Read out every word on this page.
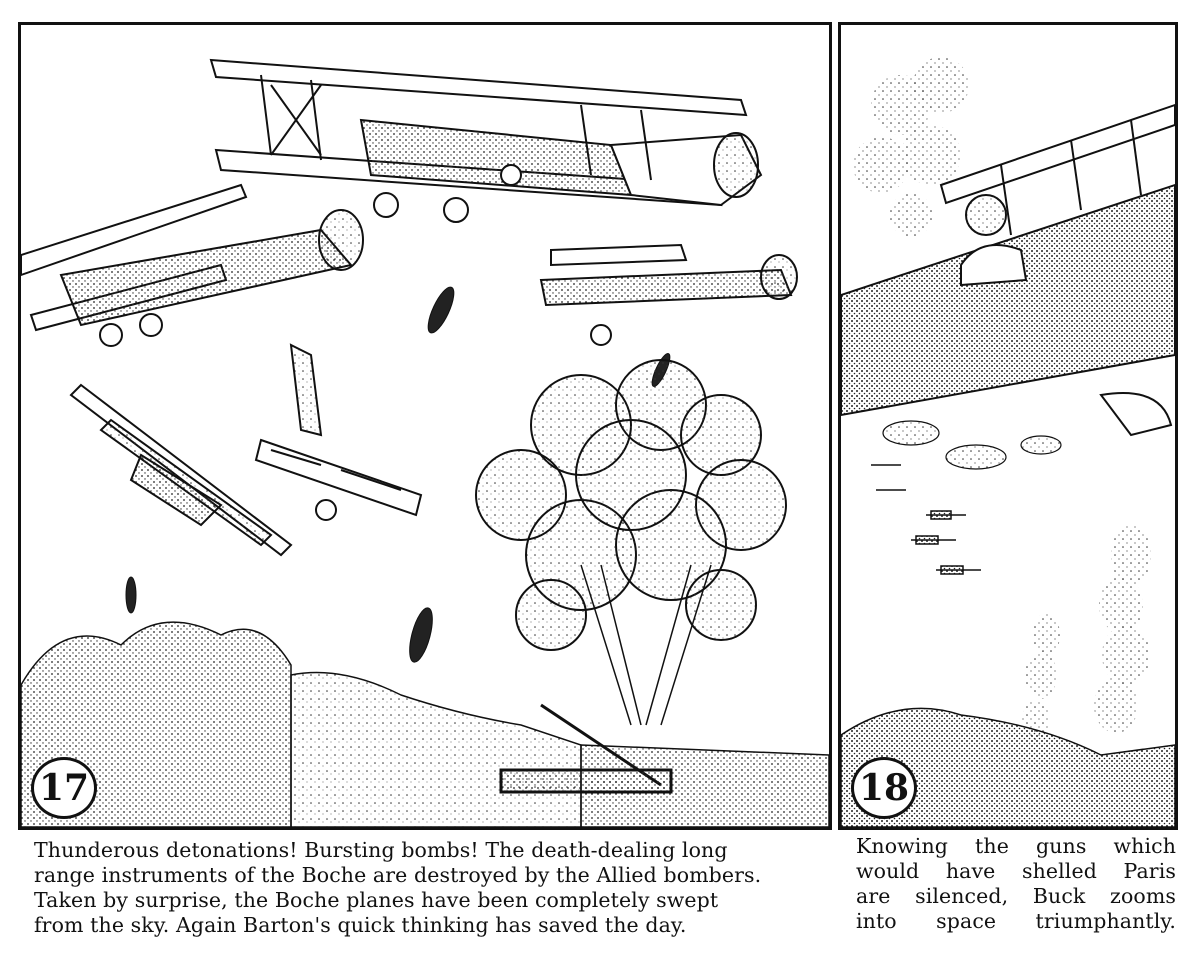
17	18
Thunderous detonations! Bursting bombs! The death-dealing long
range instruments of the Boche are destroyed by the Allied bombers.
Taken by surprise, the Boche planes have been completely swept
from the sky. Again Barton's quick thinking has saved the day.
Knowing the guns which
would have shelled Paris
are silenced, Buck zooms
into space triumphantly.
